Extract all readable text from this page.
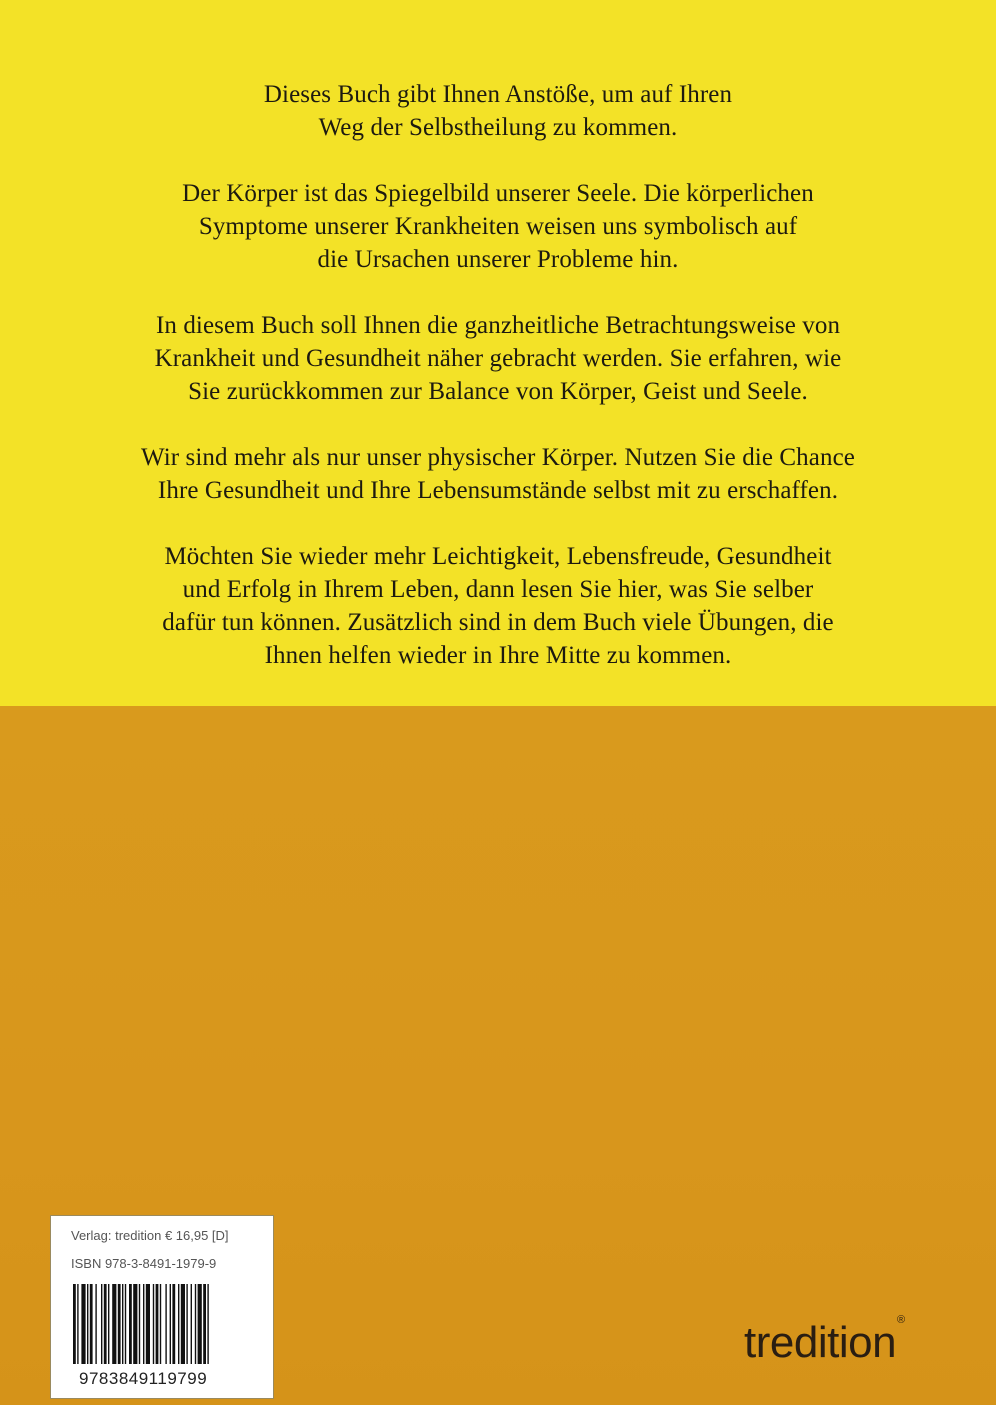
Dieses Buch gibt Ihnen Anstöße, um auf Ihren
Weg der Selbstheilung zu kommen.

Der Körper ist das Spiegelbild unserer Seele. Die körperlichen
Symptome unserer Krankheiten weisen uns symbolisch auf
die Ursachen unserer Probleme hin.

In diesem Buch soll Ihnen die ganzheitliche Betrachtungsweise von
Krankheit und Gesundheit näher gebracht werden. Sie erfahren, wie
Sie zurückkommen zur Balance von Körper, Geist und Seele.

Wir sind mehr als nur unser physischer Körper. Nutzen Sie die Chance
Ihre Gesundheit und Ihre Lebensumstände selbst mit zu erschaffen.

Möchten Sie wieder mehr Leichtigkeit, Lebensfreude, Gesundheit
und Erfolg in Ihrem Leben, dann lesen Sie hier, was Sie selber
dafür tun können. Zusätzlich sind in dem Buch viele Übungen, die
Ihnen helfen wieder in Ihre Mitte zu kommen.

Verlag: tredition € 16,95 [D]
ISBN 978-3-8491-1979-9
9783849119799
tredition®
